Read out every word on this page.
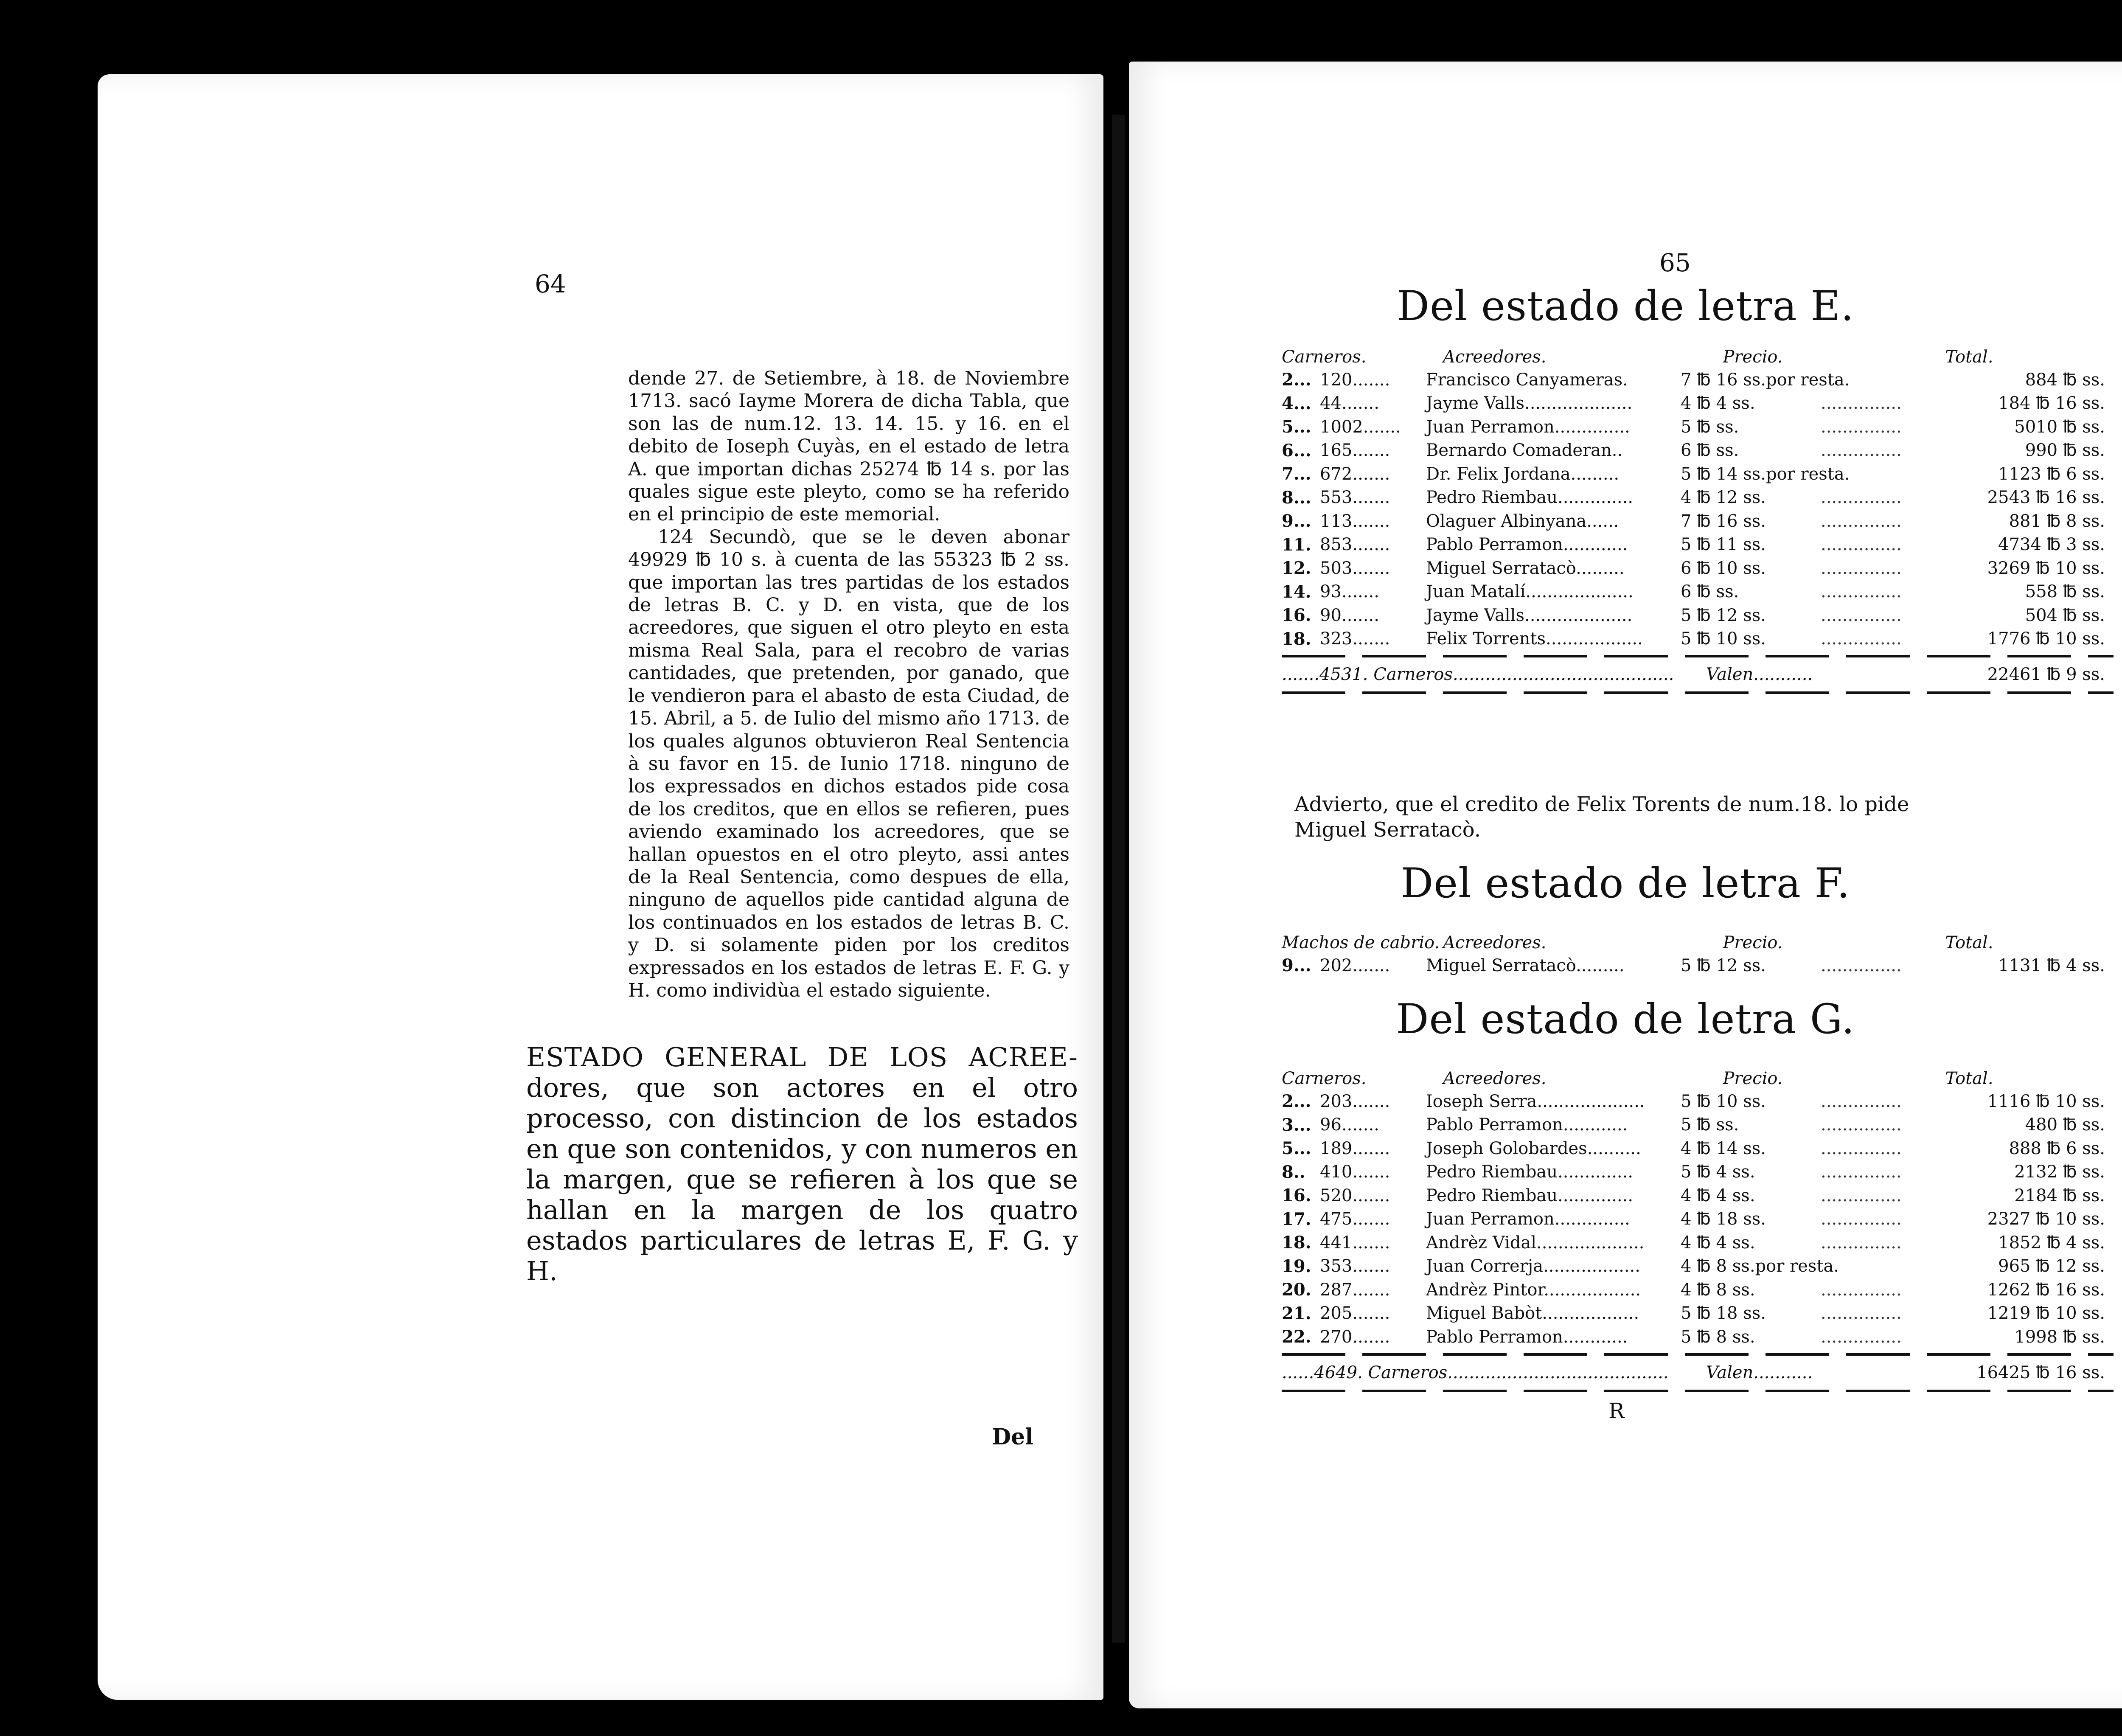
64

dende 27. de Setiembre, à 18. de Noviembre 1713. sacó Iayme Morera de dicha Tabla, que son las de num.12. 13. 14. 15. y 16. en el debito de Ioseph Cuyàs, en el estado de letra A. que importan dichas 25274 ℔ 14 s. por las quales sigue este pleyto, como se ha referido en el principio de este memorial.

124 Secundò, que se le deven abonar 49929 ℔ 10 s. à cuenta de las 55323 ℔ 2 ss. que importan las tres partidas de los estados de letras B. C. y D. en vista, que de los acreedores, que siguen el otro pleyto en esta misma Real Sala, para el recobro de varias cantidades, que pretenden, por ganado, que le vendieron para el abasto de esta Ciudad, de 15. Abril, a 5. de Iulio del mismo año 1713. de los quales algunos obtuvieron Real Sentencia à su favor en 15. de Iunio 1718. ninguno de los expressados en dichos estados pide cosa de los creditos, que en ellos se refieren, pues aviendo examinado los acreedores, que se hallan opuestos en el otro pleyto, assi antes de la Real Sentencia, como despues de ella, ninguno de aquellos pide cantidad alguna de los continuados en los estados de letras B. C. y D. si solamente piden por los creditos expressados en los estados de letras E. F. G. y H. como individùa el estado siguiente.

ESTADO GENERAL DE LOS ACREE- dores, que son actores en el otro processo, con distincion de los estados en que son contenidos, y con numeros en la margen, que se refieren à los que se hallan en la margen de los quatro estados particulares de letras E, F. G. y H.
Del
65
Del estado de letra E.
Carneros.	Acreedores.	Precio.	Total.
2... 120.......	Francisco Canyameras.	7 ℔ 16 ss.por resta.	884 ℔ ss.
4... 44.......	Jayme Valls....................	4 ℔ 4 ss.	...............	184 ℔ 16 ss.
5... 1002.......	Juan Perramon..............	5 ℔ ss.	...............	5010 ℔ ss.
6... 165.......	Bernardo Comaderan..	6 ℔ ss.	...............	990 ℔ ss.
7... 672.......	Dr. Felix Jordana.........	5 ℔ 14 ss.por resta.	1123 ℔ 6 ss.
8... 553.......	Pedro Riembau..............	4 ℔ 12 ss.	...............	2543 ℔ 16 ss.
9... 113.......	Olaguer Albinyana......	7 ℔ 16 ss.	...............	881 ℔ 8 ss.
11. 853.......	Pablo Perramon............	5 ℔ 11 ss.	...............	4734 ℔ 3 ss.
12. 503.......	Miguel Serratacò.........	6 ℔ 10 ss.	...............	3269 ℔ 10 ss.
14. 93.......	Juan Matalí....................	6 ℔ ss.	...............	558 ℔ ss.
16. 90.......	Jayme Valls....................	5 ℔ 12 ss.	...............	504 ℔ ss.
18. 323.......	Felix Torrents..................	5 ℔ 10 ss.	...............	1776 ℔ 10 ss.
.......4531. Carneros.........................................	Valen...........	22461 ℔ 9 ss.
Advierto, que el credito de Felix Torents de num.18. lo pide Miguel Serratacò.
Del estado de letra F.
Machos de cabrio. Acreedores.	Precio.	Total.
9... 202.......	Miguel Serratacò.........	5 ℔ 12 ss.	...............	1131 ℔ 4 ss.
Del estado de letra G.
Carneros.	Acreedores.	Precio.	Total.
2... 203.......	Ioseph Serra....................	5 ℔ 10 ss.	...............	1116 ℔ 10 ss.
3... 96.......	Pablo Perramon............	5 ℔ ss.	...............	480 ℔ ss.
5... 189.......	Joseph Golobardes..........	4 ℔ 14 ss.	...............	888 ℔ 6 ss.
8.. 410.......	Pedro Riembau..............	5 ℔ 4 ss.	...............	2132 ℔ ss.
16. 520.......	Pedro Riembau..............	4 ℔ 4 ss.	...............	2184 ℔ ss.
17. 475.......	Juan Perramon..............	4 ℔ 18 ss.	...............	2327 ℔ 10 ss.
18. 441.......	Andrèz Vidal....................	4 ℔ 4 ss.	...............	1852 ℔ 4 ss.
19. 353.......	Juan Correrja..................	4 ℔ 8 ss.por resta.	965 ℔ 12 ss.
20. 287.......	Andrèz Pintor..................	4 ℔ 8 ss.	...............	1262 ℔ 16 ss.
21. 205.......	Miguel Babòt..................	5 ℔ 18 ss.	...............	1219 ℔ 10 ss.
22. 270.......	Pablo Perramon............	5 ℔ 8 ss.	...............	1998 ℔ ss.
......4649. Carneros.........................................	Valen...........	16425 ℔ 16 ss.
R
